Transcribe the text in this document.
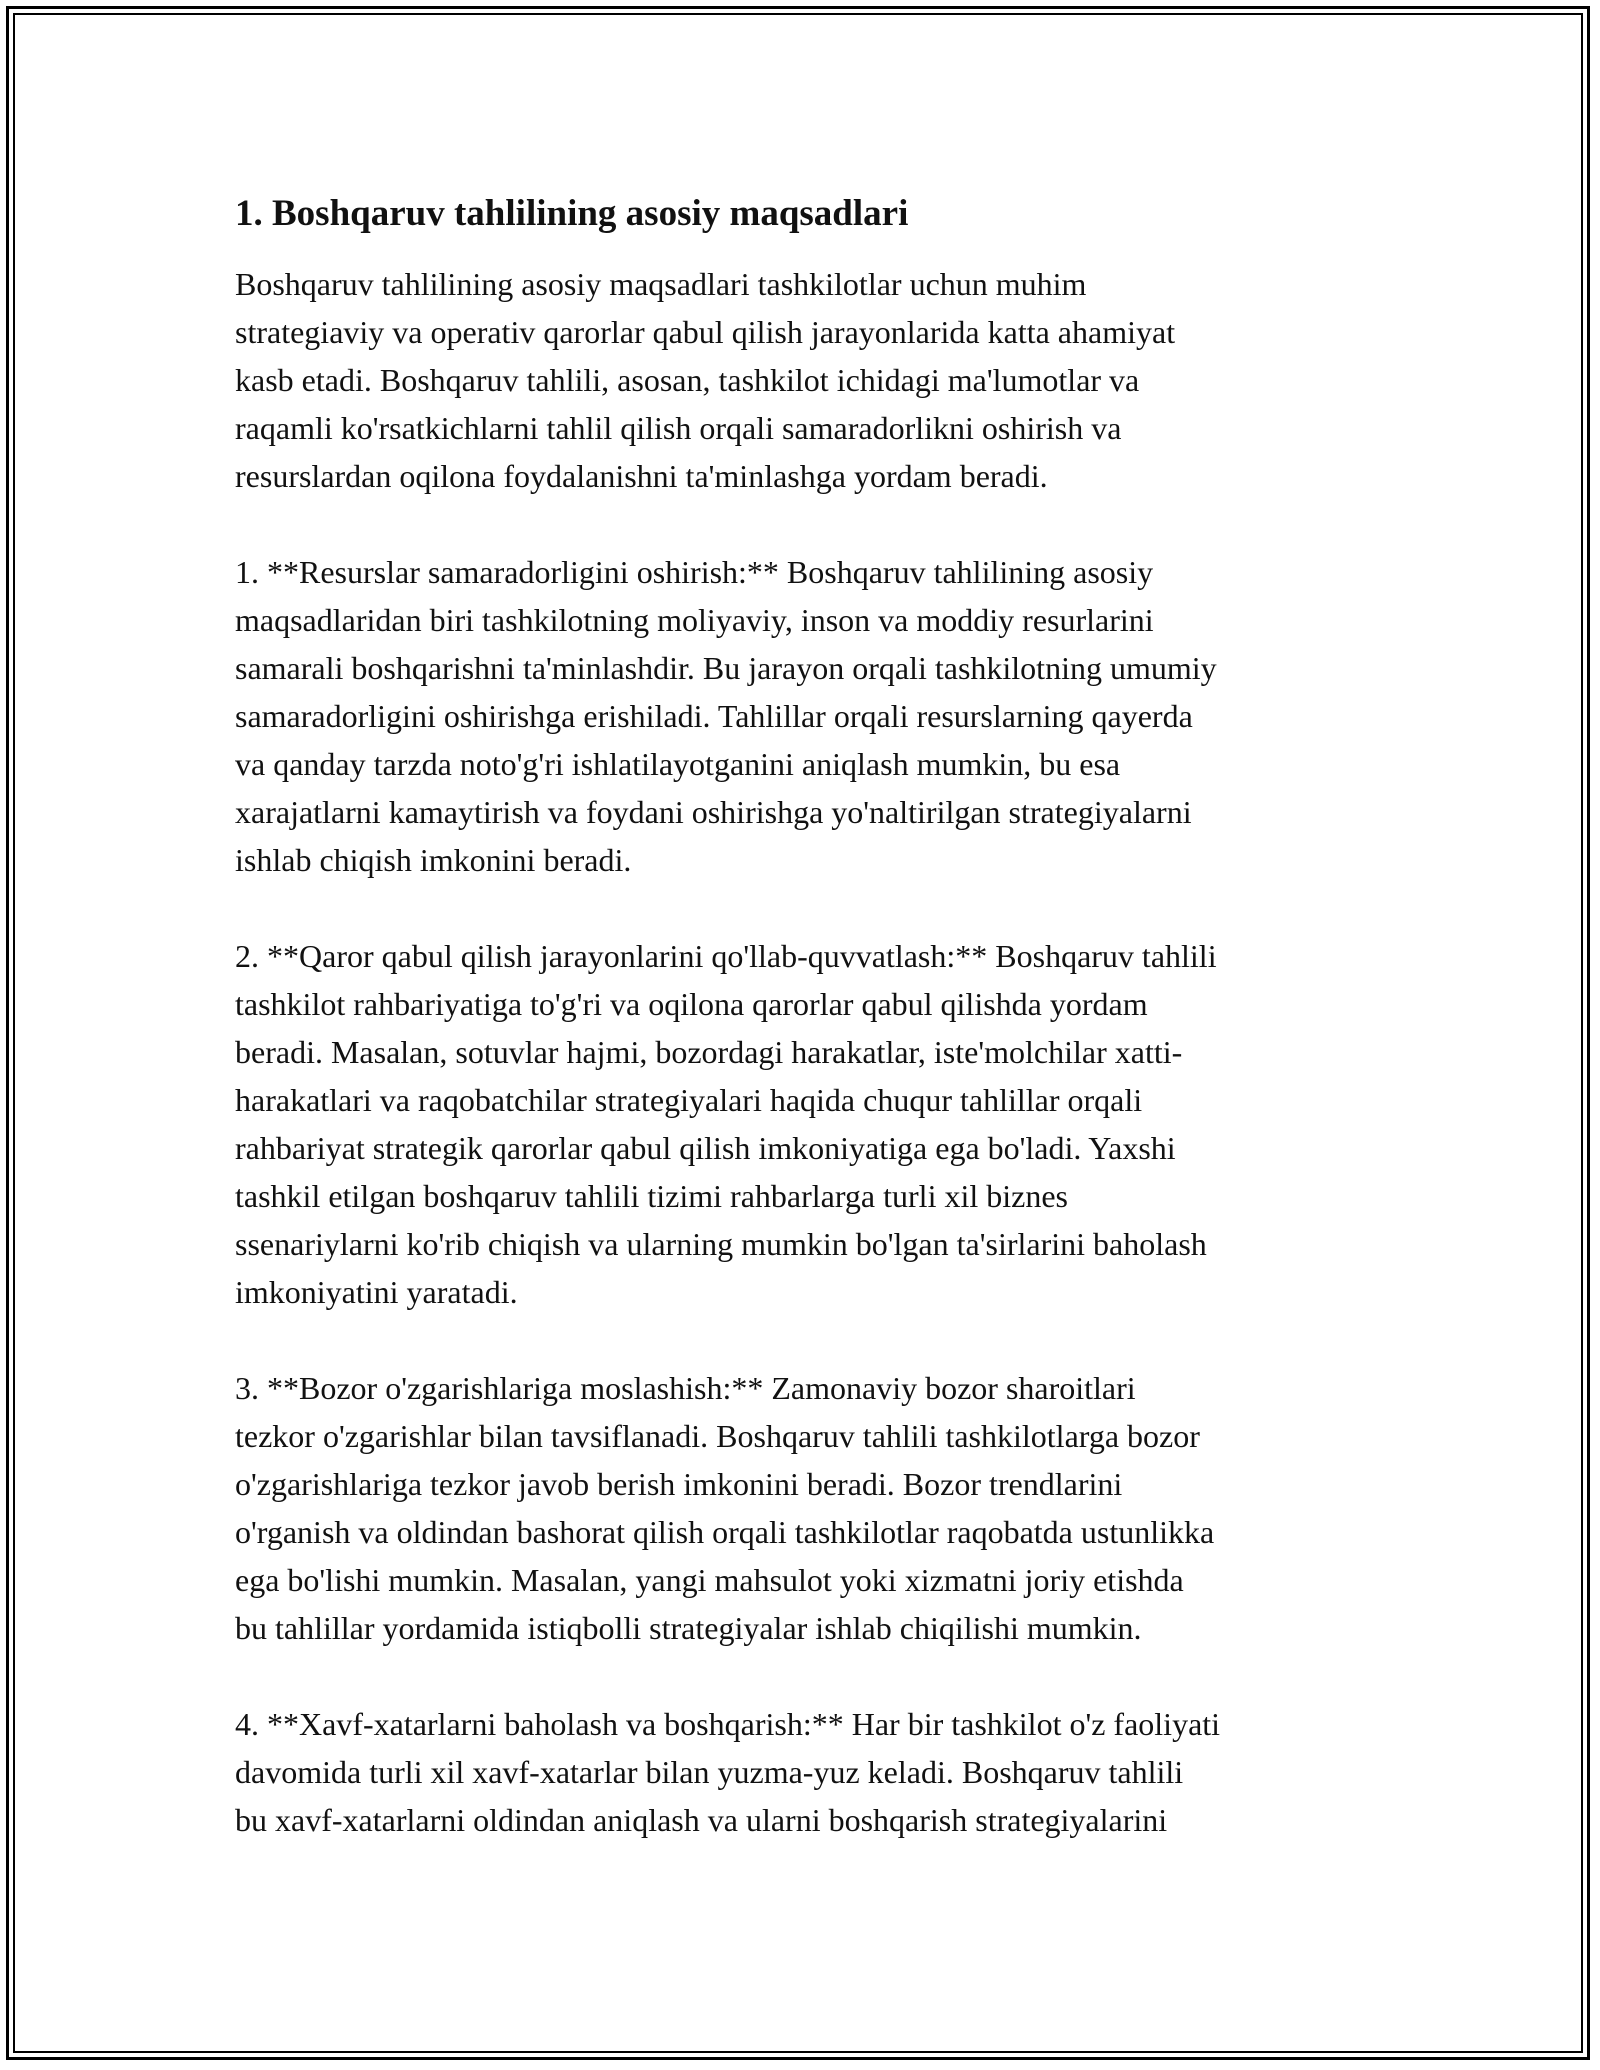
1. Boshqaruv tahlilining asosiy maqsadlari
Boshqaruv tahlilining asosiy maqsadlari tashkilotlar uchun muhim
strategiaviy va operativ qarorlar qabul qilish jarayonlarida katta ahamiyat
kasb etadi. Boshqaruv tahlili, asosan, tashkilot ichidagi ma'lumotlar va
raqamli ko'rsatkichlarni tahlil qilish orqali samaradorlikni oshirish va
resurslardan oqilona foydalanishni ta'minlashga yordam beradi.
1. **Resurslar samaradorligini oshirish:** Boshqaruv tahlilining asosiy
maqsadlaridan biri tashkilotning moliyaviy, inson va moddiy resurlarini
samarali boshqarishni ta'minlashdir. Bu jarayon orqali tashkilotning umumiy
samaradorligini oshirishga erishiladi. Tahlillar orqali resurslarning qayerda
va qanday tarzda noto'g'ri ishlatilayotganini aniqlash mumkin, bu esa
xarajatlarni kamaytirish va foydani oshirishga yo'naltirilgan strategiyalarni
ishlab chiqish imkonini beradi.
2. **Qaror qabul qilish jarayonlarini qo'llab-quvvatlash:** Boshqaruv tahlili
tashkilot rahbariyatiga to'g'ri va oqilona qarorlar qabul qilishda yordam
beradi. Masalan, sotuvlar hajmi, bozordagi harakatlar, iste'molchilar xatti-
harakatlari va raqobatchilar strategiyalari haqida chuqur tahlillar orqali
rahbariyat strategik qarorlar qabul qilish imkoniyatiga ega bo'ladi. Yaxshi
tashkil etilgan boshqaruv tahlili tizimi rahbarlarga turli xil biznes
ssenariylarni ko'rib chiqish va ularning mumkin bo'lgan ta'sirlarini baholash
imkoniyatini yaratadi.
3. **Bozor o'zgarishlariga moslashish:** Zamonaviy bozor sharoitlari
tezkor o'zgarishlar bilan tavsiflanadi. Boshqaruv tahlili tashkilotlarga bozor
o'zgarishlariga tezkor javob berish imkonini beradi. Bozor trendlarini
o'rganish va oldindan bashorat qilish orqali tashkilotlar raqobatda ustunlikka
ega bo'lishi mumkin. Masalan, yangi mahsulot yoki xizmatni joriy etishda
bu tahlillar yordamida istiqbolli strategiyalar ishlab chiqilishi mumkin.
4. **Xavf-xatarlarni baholash va boshqarish:** Har bir tashkilot o'z faoliyati
davomida turli xil xavf-xatarlar bilan yuzma-yuz keladi. Boshqaruv tahlili
bu xavf-xatarlarni oldindan aniqlash va ularni boshqarish strategiyalarini
